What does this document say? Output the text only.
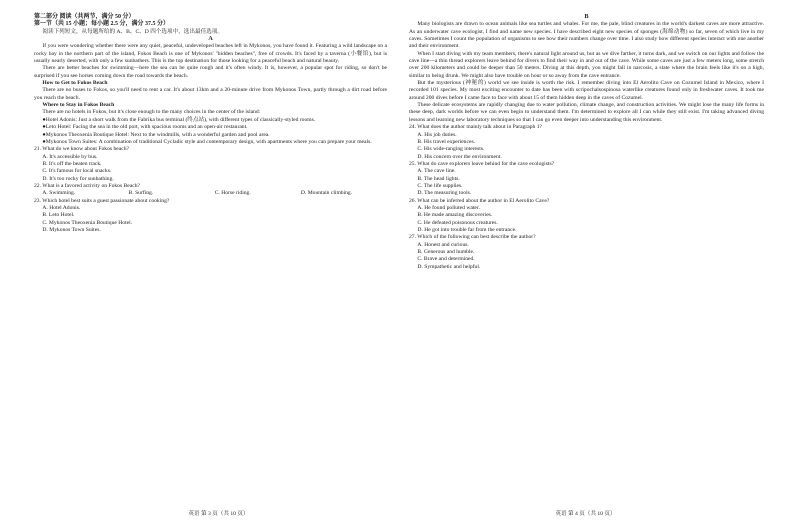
第二部分 阅读（共两节，满分 50 分）
第一节（共 15 小题；每小题 2.5 分，满分 37.5 分）
阅读下列短文，从每题所给的 A、B、C、D 四个选项中，选出最佳选项。
A

If you were wondering whether there were any quiet, peaceful, undeveloped beaches left in Mykonos, you have found it. Featuring a wild landscape on a rocky bay in the northern part of the island, Fokos Beach is one of Mykonos' "hidden beaches", free of crowds. It's faced by a taverna (小餐馆), but is usually nearly deserted, with only a few sunbathers. This is the top destination for those looking for a peaceful beach and natural beauty.

There are better beaches for swimming—here the sea can be quite rough and it's often windy. It is, however, a popular spot for riding, so don't be surprised if you see horses coming down the road towards the beach.

How to Get to Fokos Beach

There are no buses to Fokos, so you'll need to rent a car. It's about 13km and a 20-minute drive from Mykonos Town, partly through a dirt road before you reach the beach.

Where to Stay in Fokos Beach

There are no hotels in Fokos, but it's close enough to the many choices in the center of the island:

●Hotel Adonis: Just a short walk from the Fabrika bus terminal (终点站), with different types of classically-styled rooms.
●Leto Hotel: Facing the sea in the old port, with spacious rooms and an open-air restaurant.
●Mykonos Theoxenia Boutique Hotel: Next to the windmills, with a wonderful garden and pool area.
●Mykonos Town Suites: A combination of traditional Cycladic style and contemporary design, with apartments where you can prepare your meals.
21. What do we know about Fokos beach?
A. It's accessible by bus.
B. It's off the beaten track.
C. It's famous for local snacks.
D. It's too rocky for sunbathing.
22. What is a favored activity on Fokos Beach?
A. Swimming.	B. Surfing.	C. Horse riding.	D. Mountain climbing.
23. Which hotel best suits a guest passionate about cooking?
A. Hotel Adonis.
B. Leto Hotel.
C. Mykonos Theoxenia Boutique Hotel.
D. Mykonos Town Suites.
英语 第 3 页（共 10 页）
B

Many biologists are drawn to ocean animals like sea turtles and whales. For me, the pale, blind creatures in the world's darkest caves are more attractive. As an underwater cave ecologist, I find and name new species. I have described eight new species of sponges (海绵动物) so far, seven of which live in my caves. Sometimes I count the population of organisms to see how their numbers change over time. I also study how different species interact with one another and their environment.

When I start diving with my team members, there's natural light around us, but as we dive farther, it turns dark, and we switch on our lights and follow the cave line—a thin thread explorers leave behind for divers to find their way in and out of the cave. While some caves are just a few meters long, some stretch over 200 kilometers and could be deeper than 50 meters. Diving at this depth, you might fall in narcosis, a state where the brain feels like it's on a high, similar to being drunk. We might also have trouble on hour or so away from the cave entrance.

But the mysterious (神秘的) world we see inside is worth the risk. I remember diving into El Aerolito Cave on Cozumel Island in Mexico, where I recorded 101 species. My most exciting encounter to date has been with scripochalsospinosa waterlike creatures found only in freshwater caves. It took me around 200 dives before I came face to face with about 15 of them hidden deep in the caves of Cozumel.

These delicate ecosystems are rapidly changing due to water pollution, climate change, and construction activities. We might lose the many life forms in these deep, dark worlds before we can even begin to understand them. I'm determined to explore all I can while they still exist. I'm taking advanced diving lessons and learning new laboratory techniques so that I can go even deeper into understanding this environment.

24. What does the author mainly talk about in Paragraph 1?
A. His job duties.
B. His travel experiences.
C. His wide-ranging interests.
D. His concern over the environment.
25. What do cave explorers leave behind for the cave ecologists?
A. The cave line.
B. The head lights.
C. The life supplies.
D. The measuring tools.
26. What can be inferred about the author in El Aerolito Cave?
A. He found polluted water.
B. He made amazing discoveries.
C. He defeated poisonous creatures.
D. He got into trouble far from the entrance.
27. Which of the following can best describe the author?
A. Honest and curious.
B. Generous and humble.
C. Brave and determined.
D. Sympathetic and helpful.
英语 第 4 页（共 10 页）
